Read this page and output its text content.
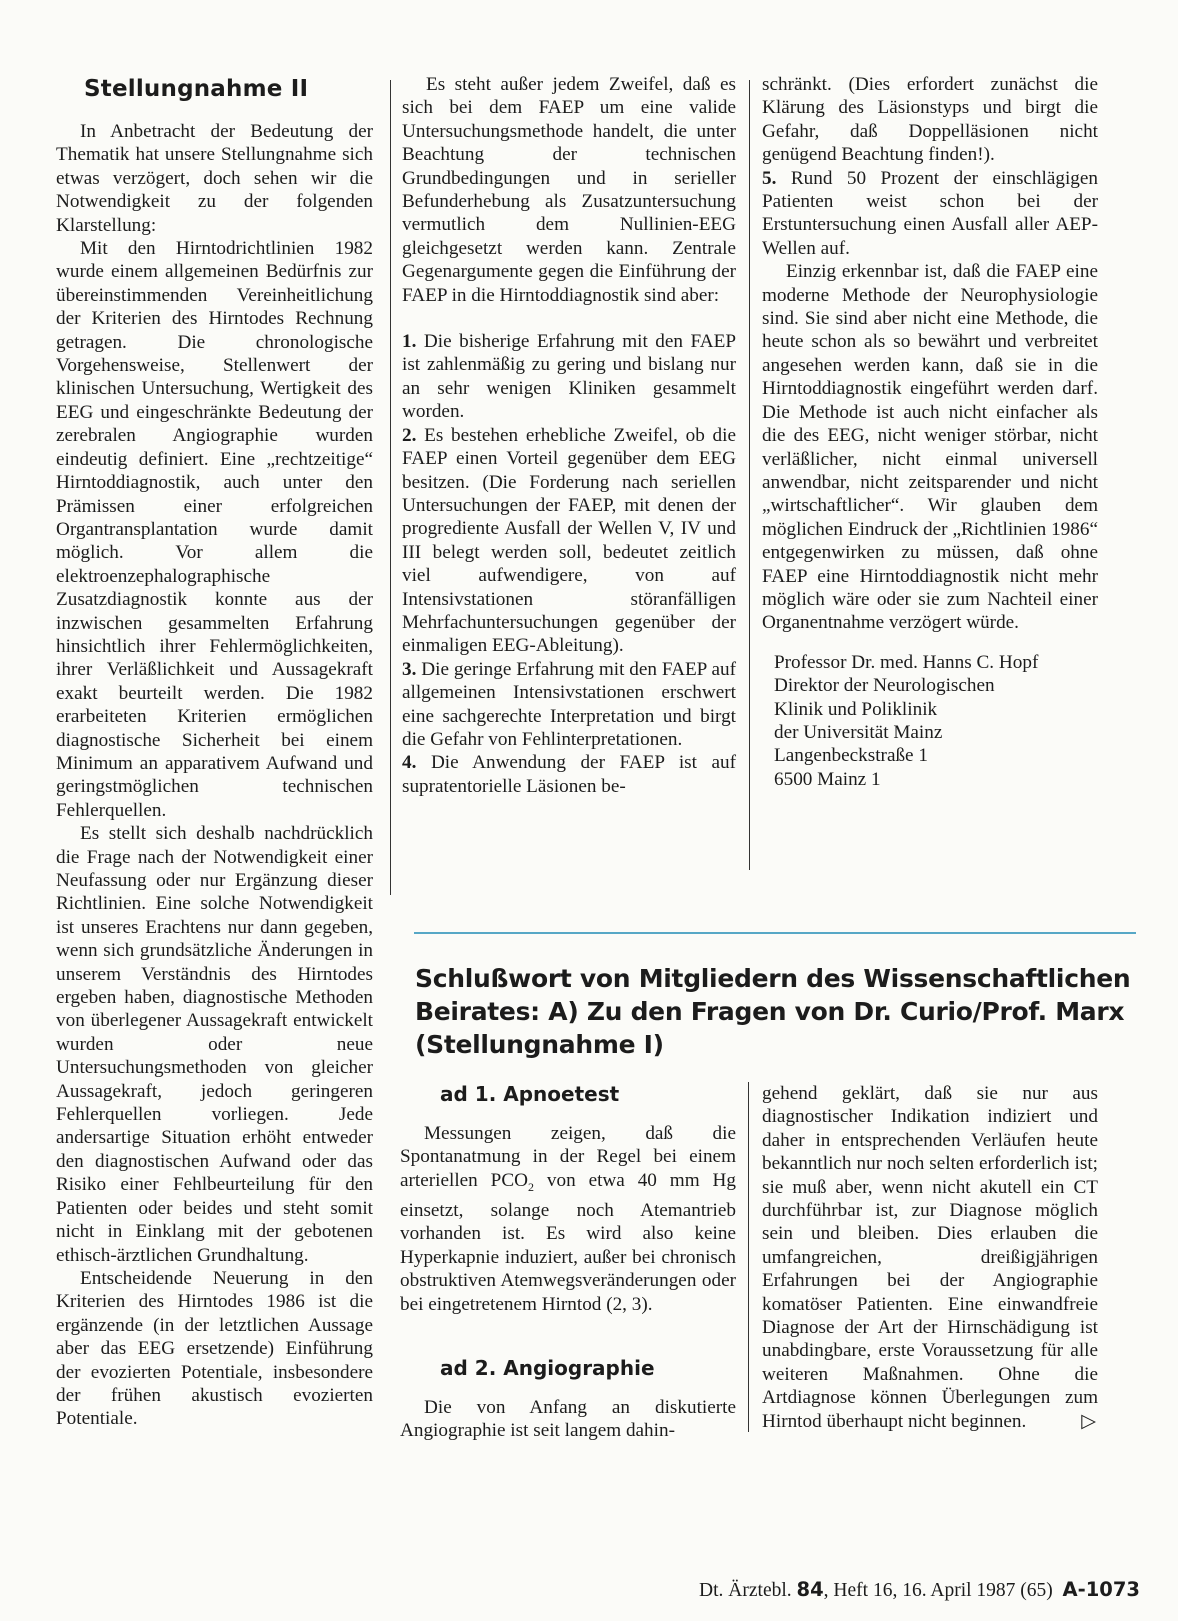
Stellungnahme II

In Anbetracht der Bedeutung der Thematik hat unsere Stellungnahme sich etwas verzögert, doch sehen wir die Notwendigkeit zu der folgenden Klarstellung:

Mit den Hirntodrichtlinien 1982 wurde einem allgemeinen Bedürfnis zur übereinstimmenden Vereinheitlichung der Kriterien des Hirntodes Rechnung getragen. Die chronologische Vorgehensweise, Stellenwert der klinischen Untersuchung, Wertigkeit des EEG und eingeschränkte Bedeutung der zerebralen Angiographie wurden eindeutig definiert. Eine „rechtzeitige“ Hirntoddiagnostik, auch unter den Prämissen einer erfolgreichen Organtransplantation wurde damit möglich. Vor allem die elektroenzephalographische Zusatzdiagnostik konnte aus der inzwischen gesammelten Erfahrung hinsichtlich ihrer Fehlermöglichkeiten, ihrer Verläßlichkeit und Aussagekraft exakt beurteilt werden. Die 1982 erarbeiteten Kriterien ermöglichen diagnostische Sicherheit bei einem Minimum an apparativem Aufwand und geringstmöglichen technischen Fehlerquellen.

Es stellt sich deshalb nachdrücklich die Frage nach der Notwendigkeit einer Neufassung oder nur Ergänzung dieser Richtlinien. Eine solche Notwendigkeit ist unseres Erachtens nur dann gegeben, wenn sich grundsätzliche Änderungen in unserem Verständnis des Hirntodes ergeben haben, diagnostische Methoden von überlegener Aussagekraft entwickelt wurden oder neue Untersuchungsmethoden von gleicher Aussagekraft, jedoch geringeren Fehlerquellen vorliegen. Jede andersartige Situation erhöht entweder den diagnostischen Aufwand oder das Risiko einer Fehlbeurteilung für den Patienten oder beides und steht somit nicht in Einklang mit der gebotenen ethisch-ärztlichen Grundhaltung.

Entscheidende Neuerung in den Kriterien des Hirntodes 1986 ist die ergänzende (in der letztlichen Aussage aber das EEG ersetzende) Einführung der evozierten Potentiale, insbesondere der frühen akustisch evozierten Potentiale.

Es steht außer jedem Zweifel, daß es sich bei dem FAEP um eine valide Untersuchungsmethode handelt, die unter Beachtung der technischen Grundbedingungen und in serieller Befunderhebung als Zusatzuntersuchung vermutlich dem Nullinien-EEG gleichgesetzt werden kann. Zentrale Gegenargumente gegen die Einführung der FAEP in die Hirntoddiagnostik sind aber:

1. Die bisherige Erfahrung mit den FAEP ist zahlenmäßig zu gering und bislang nur an sehr wenigen Kliniken gesammelt worden.

2. Es bestehen erhebliche Zweifel, ob die FAEP einen Vorteil gegenüber dem EEG besitzen. (Die Forderung nach seriellen Untersuchungen der FAEP, mit denen der progrediente Ausfall der Wellen V, IV und III belegt werden soll, bedeutet zeitlich viel aufwendigere, von auf Intensivstationen störanfälligen Mehrfachuntersuchungen gegenüber der einmaligen EEG-Ableitung).

3. Die geringe Erfahrung mit den FAEP auf allgemeinen Intensivstationen erschwert eine sachgerechte Interpretation und birgt die Gefahr von Fehlinterpretationen.

4. Die Anwendung der FAEP ist auf supratentorielle Läsionen be-

schränkt. (Dies erfordert zunächst die Klärung des Läsionstyps und birgt die Gefahr, daß Doppelläsionen nicht genügend Beachtung finden!).

5. Rund 50 Prozent der einschlägigen Patienten weist schon bei der Erstuntersuchung einen Ausfall aller AEP-Wellen auf.

Einzig erkennbar ist, daß die FAEP eine moderne Methode der Neurophysiologie sind. Sie sind aber nicht eine Methode, die heute schon als so bewährt und verbreitet angesehen werden kann, daß sie in die Hirntoddiagnostik eingeführt werden darf. Die Methode ist auch nicht einfacher als die des EEG, nicht weniger störbar, nicht verläßlicher, nicht einmal universell anwendbar, nicht zeitsparender und nicht „wirtschaftlicher“. Wir glauben dem möglichen Eindruck der „Richtlinien 1986“ entgegenwirken zu müssen, daß ohne FAEP eine Hirntoddiagnostik nicht mehr möglich wäre oder sie zum Nachteil einer Organentnahme verzögert würde.

Professor Dr. med. Hanns C. Hopf
Direktor der Neurologischen
Klinik und Poliklinik
der Universität Mainz
Langenbeckstraße 1
6500 Mainz 1
Schlußwort von Mitgliedern des Wissenschaftlichen Beirates: A) Zu den Fragen von Dr. Curio/Prof. Marx (Stellungnahme I)
ad 1. Apnoetest

Messungen zeigen, daß die Spontanatmung in der Regel bei einem arteriellen $PCO_2$ von etwa 40 mm Hg einsetzt, solange noch Atemantrieb vorhanden ist. Es wird also keine Hyperkapnie induziert, außer bei chronisch obstruktiven Atemwegsveränderungen oder bei eingetretenem Hirntod (2, 3).

ad 2. Angiographie

Die von Anfang an diskutierte Angiographie ist seit langem dahin-

gehend geklärt, daß sie nur aus diagnostischer Indikation indiziert und daher in entsprechenden Verläufen heute bekanntlich nur noch selten erforderlich ist; sie muß aber, wenn nicht akutell ein CT durchführbar ist, zur Diagnose möglich sein und bleiben. Dies erlauben die umfangreichen, dreißigjährigen Erfahrungen bei der Angiographie komatöser Patienten. Eine einwandfreie Diagnose der Art der Hirnschädigung ist unabdingbare, erste Voraussetzung für alle weiteren Maßnahmen. Ohne die Artdiagnose können Überlegungen zum Hirntod überhaupt nicht beginnen.	▷

Dt. Ärztebl. 84, Heft 16, 16. April 1987 (65) A-1073
